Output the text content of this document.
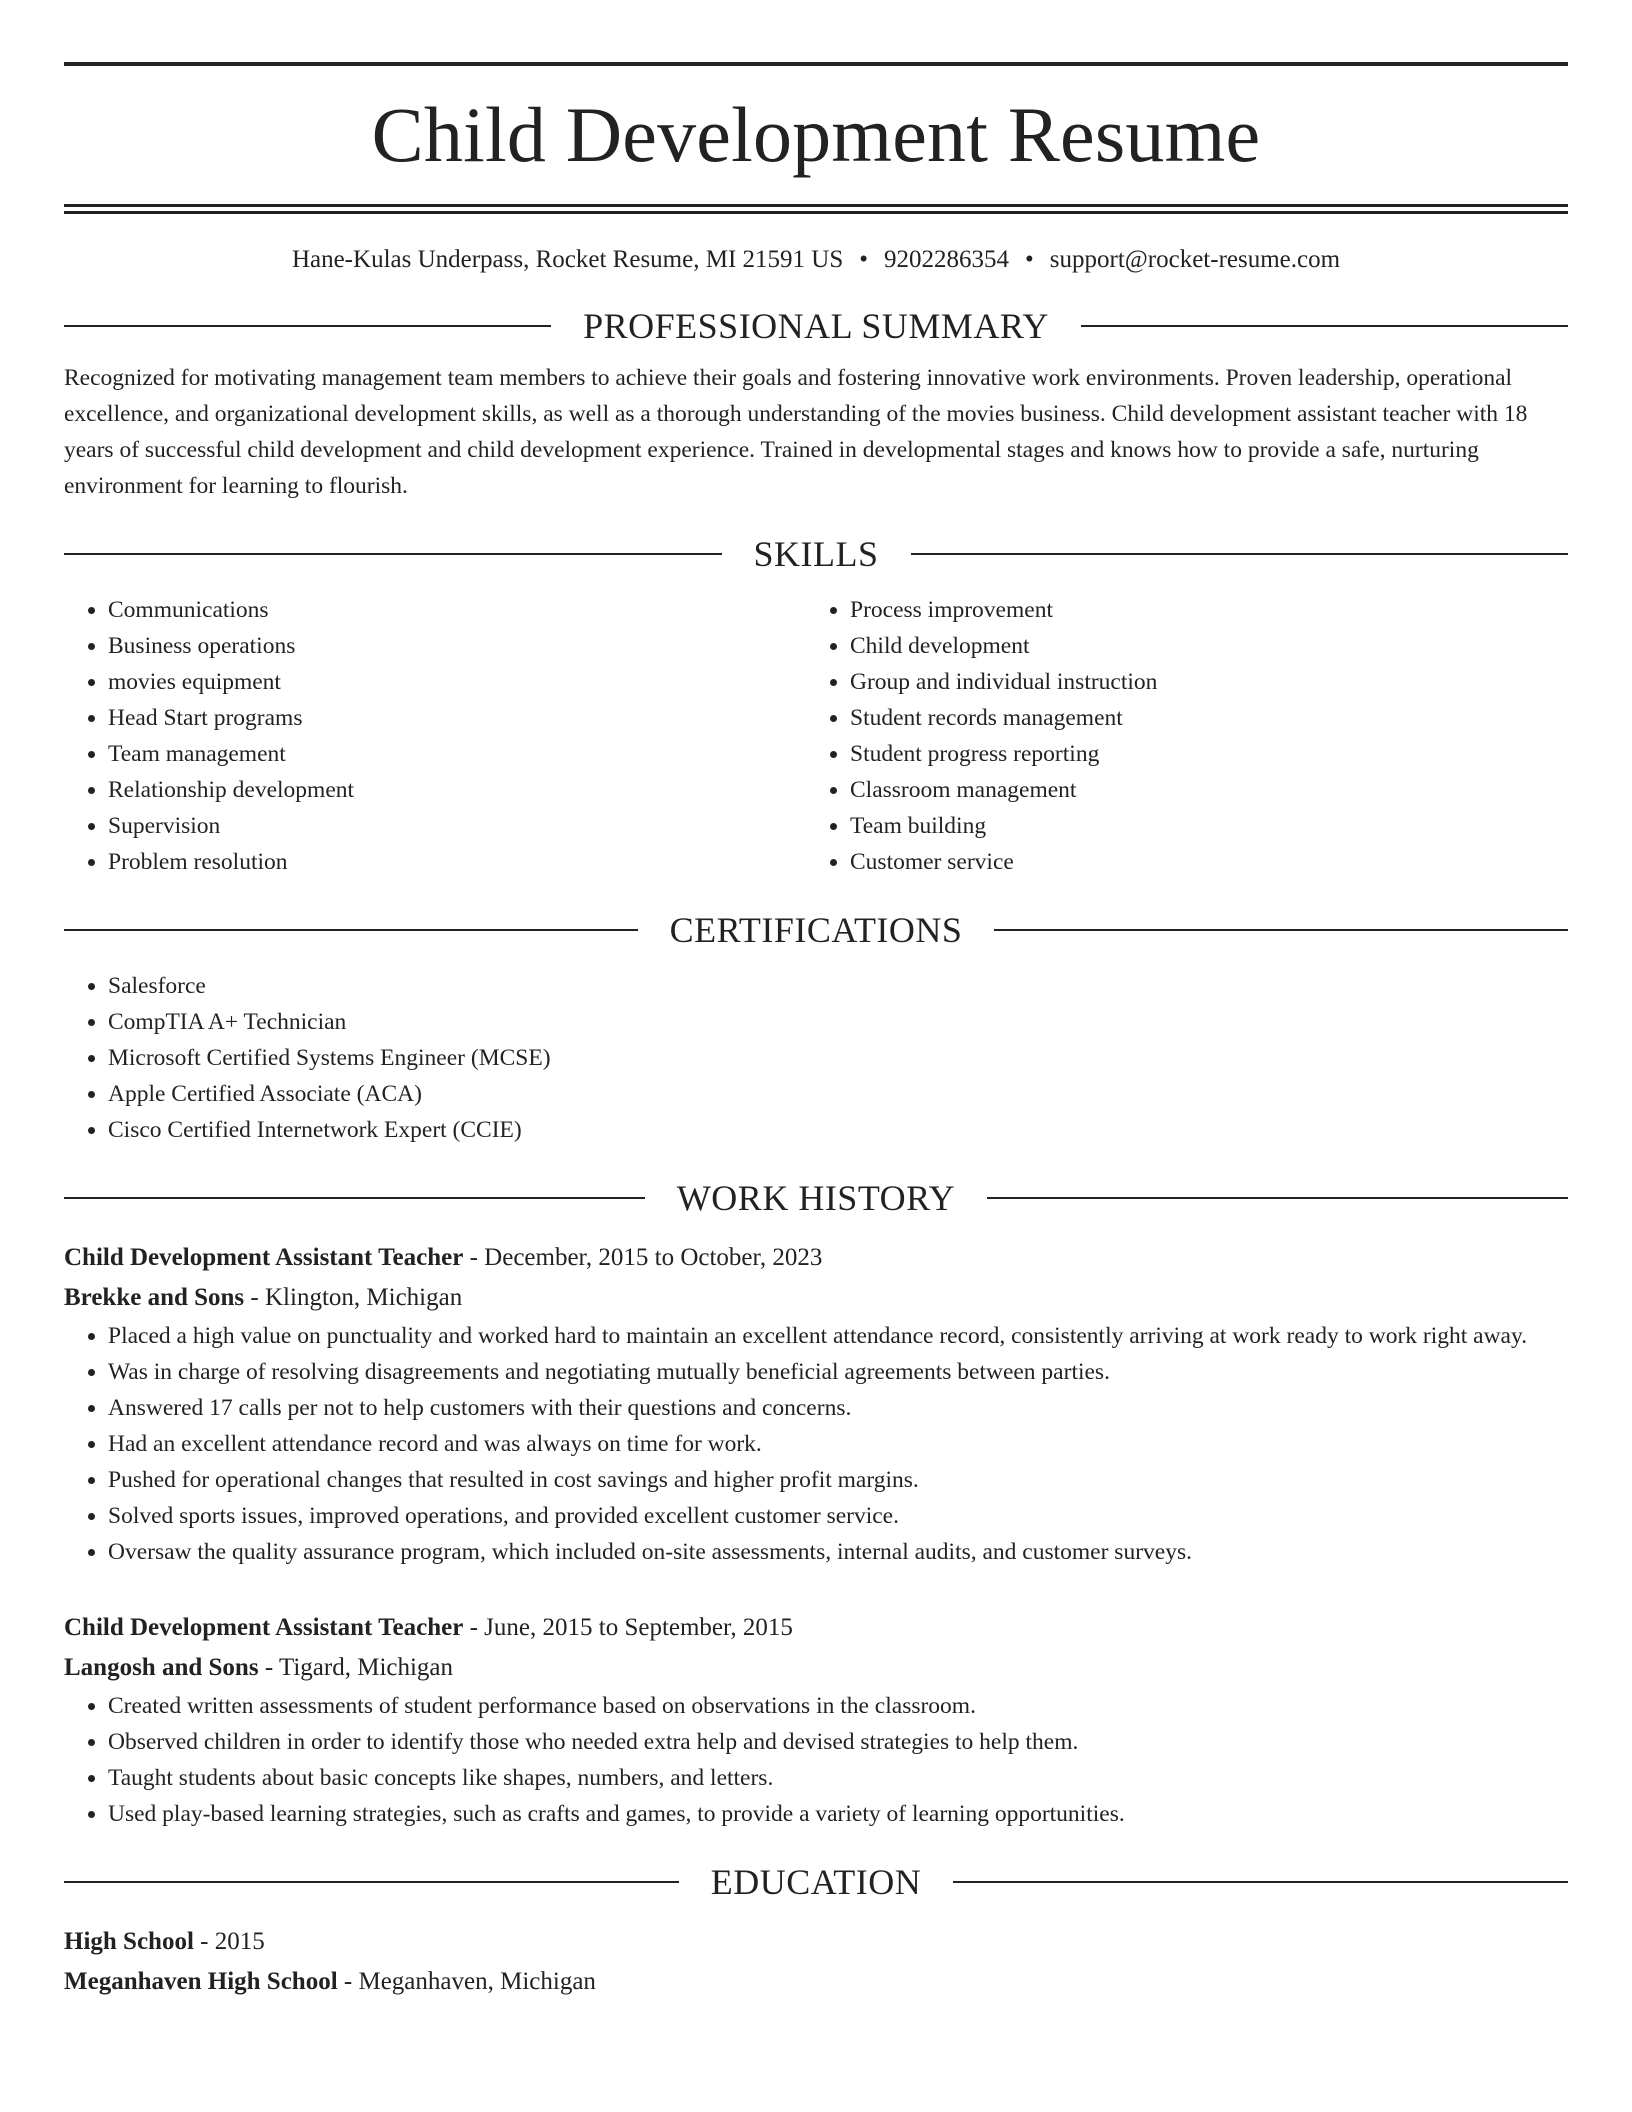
Child Development Resume
Hane-Kulas Underpass, Rocket Resume, MI 21591 US • 9202286354 • support@rocket-resume.com
PROFESSIONAL SUMMARY

Recognized for motivating management team members to achieve their goals and fostering innovative work environments. Proven leadership, operational excellence, and organizational development skills, as well as a thorough understanding of the movies business. Child development assistant teacher with 18 years of successful child development and child development experience. Trained in developmental stages and knows how to provide a safe, nurturing environment for learning to flourish.

SKILLS
• Communications
• Business operations
• movies equipment
• Head Start programs
• Team management
• Relationship development
• Supervision
• Problem resolution
• Process improvement
• Child development
• Group and individual instruction
• Student records management
• Student progress reporting
• Classroom management
• Team building
• Customer service
CERTIFICATIONS
• Salesforce
• CompTIA A+ Technician
• Microsoft Certified Systems Engineer (MCSE)
• Apple Certified Associate (ACA)
• Cisco Certified Internetwork Expert (CCIE)
WORK HISTORY
Child Development Assistant Teacher - December, 2015 to October, 2023
Brekke and Sons - Klington, Michigan
• Placed a high value on punctuality and worked hard to maintain an excellent attendance record, consistently arriving at work ready to work right away.
• Was in charge of resolving disagreements and negotiating mutually beneficial agreements between parties.
• Answered 17 calls per not to help customers with their questions and concerns.
• Had an excellent attendance record and was always on time for work.
• Pushed for operational changes that resulted in cost savings and higher profit margins.
• Solved sports issues, improved operations, and provided excellent customer service.
• Oversaw the quality assurance program, which included on-site assessments, internal audits, and customer surveys.
Child Development Assistant Teacher - June, 2015 to September, 2015
Langosh and Sons - Tigard, Michigan
• Created written assessments of student performance based on observations in the classroom.
• Observed children in order to identify those who needed extra help and devised strategies to help them.
• Taught students about basic concepts like shapes, numbers, and letters.
• Used play-based learning strategies, such as crafts and games, to provide a variety of learning opportunities.
EDUCATION
High School - 2015
Meganhaven High School - Meganhaven, Michigan
